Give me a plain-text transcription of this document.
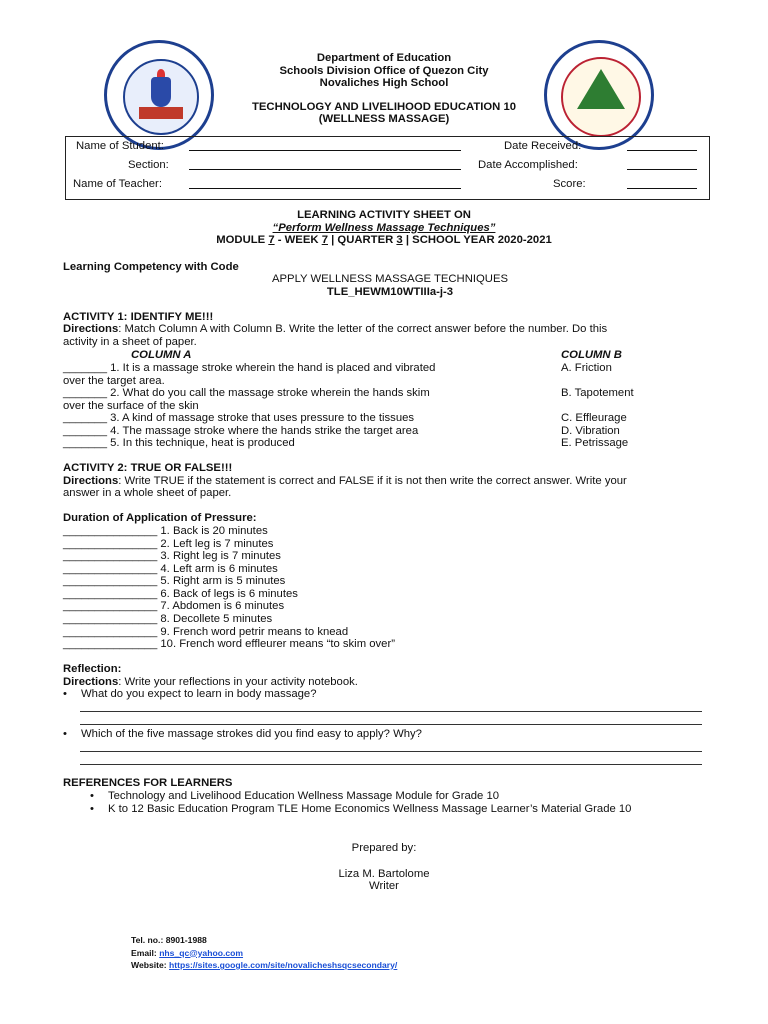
Department of Education
Schools Division Office of Quezon City
Novaliches High School
TECHNOLOGY AND LIVELIHOOD EDUCATION 10
(WELLNESS MASSAGE)
Name of Student:
Section:
Name of Teacher:
Date Received:
Date Accomplished:
Score:
LEARNING ACTIVITY SHEET ON
“Perform Wellness Massage Techniques”
MODULE 7 - WEEK 7 | QUARTER 3 | SCHOOL YEAR 2020-2021
Learning Competency with Code
APPLY WELLNESS MASSAGE TECHNIQUES
TLE_HEWM10WTIIIa-j-3
ACTIVITY 1: IDENTIFY ME!!!
Directions: Match Column A with Column B. Write the letter of the correct answer before the number. Do this
activity in a sheet of paper.
COLUMN A	COLUMN B
_______ 1. It is a massage stroke wherein the hand is placed and vibrated
over the target area.
_______ 2. What do you call the massage stroke wherein the hands skim
over the surface of the skin
_______ 3. A kind of massage stroke that uses pressure to the tissues
_______ 4. The massage stroke where the hands strike the target area
_______ 5. In this technique, heat is produced
A. Friction
B. Tapotement
C. Effleurage
D. Vibration
E. Petrissage
ACTIVITY 2: TRUE OR FALSE!!!
Directions: Write TRUE if the statement is correct and FALSE if it is not then write the correct answer. Write your
answer in a whole sheet of paper.
Duration of Application of Pressure:
_______________ 1. Back is 20 minutes
_______________ 2. Left leg is 7 minutes
_______________ 3. Right leg is 7 minutes
_______________ 4. Left arm is 6 minutes
_______________ 5. Right arm is 5 minutes
_______________ 6. Back of legs is 6 minutes
_______________ 7. Abdomen is 6 minutes
_______________ 8. Decollete 5 minutes
_______________ 9. French word petrir means to knead
_______________ 10. French word effleurer means “to skim over”
Reflection:
Directions: Write your reflections in your activity notebook.
• What do you expect to learn in body massage?
• Which of the five massage strokes did you find easy to apply? Why?
REFERENCES FOR LEARNERS
• Technology and Livelihood Education Wellness Massage Module for Grade 10
• K to 12 Basic Education Program TLE Home Economics Wellness Massage Learner’s Material Grade 10
Prepared by:
Liza M. Bartolome
Writer
Tel. no.: 8901-1988
Email: nhs_qc@yahoo.com
Website: https://sites.google.com/site/novalicheshsqcsecondary/
